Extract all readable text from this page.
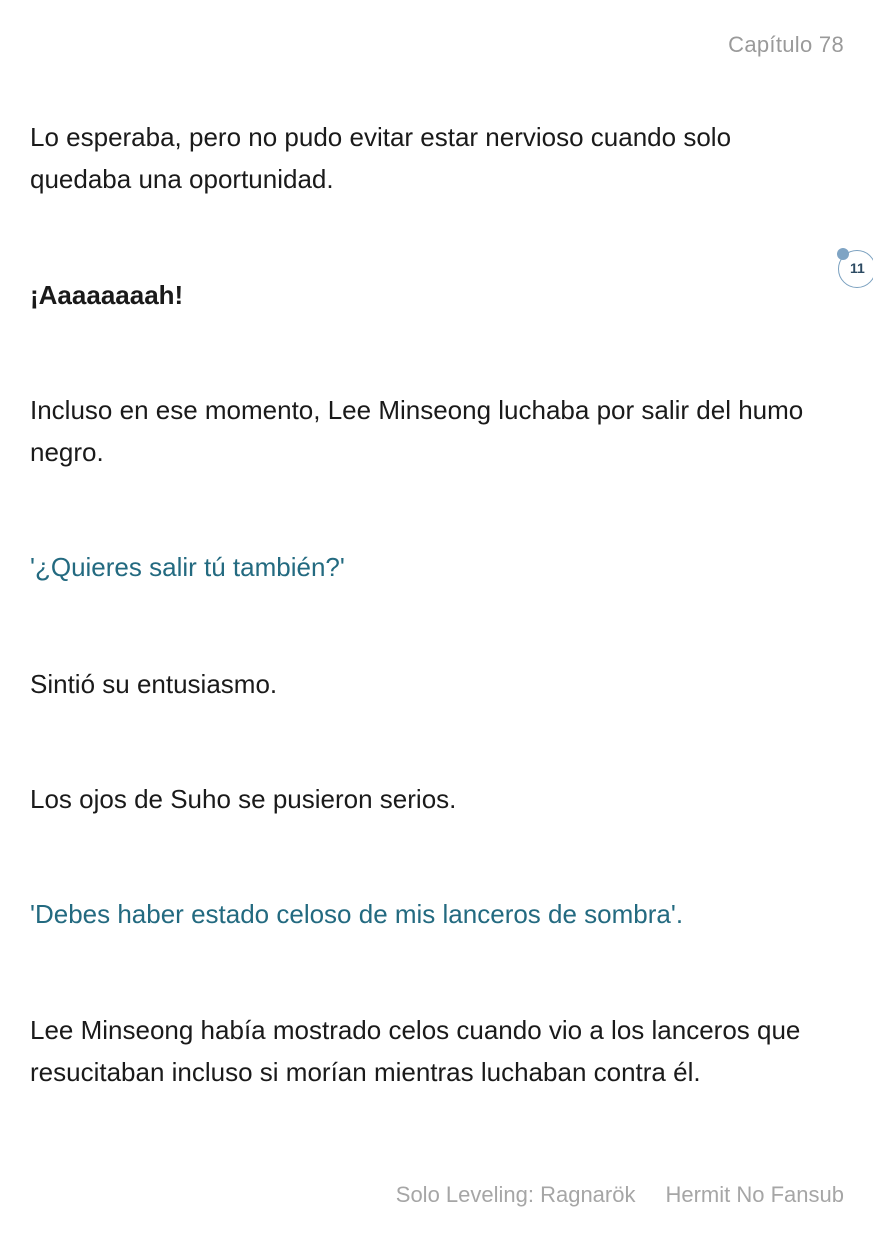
Capítulo 78

Lo esperaba, pero no pudo evitar estar nervioso cuando solo quedaba una oportunidad.

¡Aaaaaaaah!

Incluso en ese momento, Lee Minseong luchaba por salir del humo negro.

'¿Quieres salir tú también?'

Sintió su entusiasmo.

Los ojos de Suho se pusieron serios.

'Debes haber estado celoso de mis lanceros de sombra'.

Lee Minseong había mostrado celos cuando vio a los lanceros que resucitaban incluso si morían mientras luchaban contra él.

11
Solo Leveling: Ragnarök Hermit No Fansub
